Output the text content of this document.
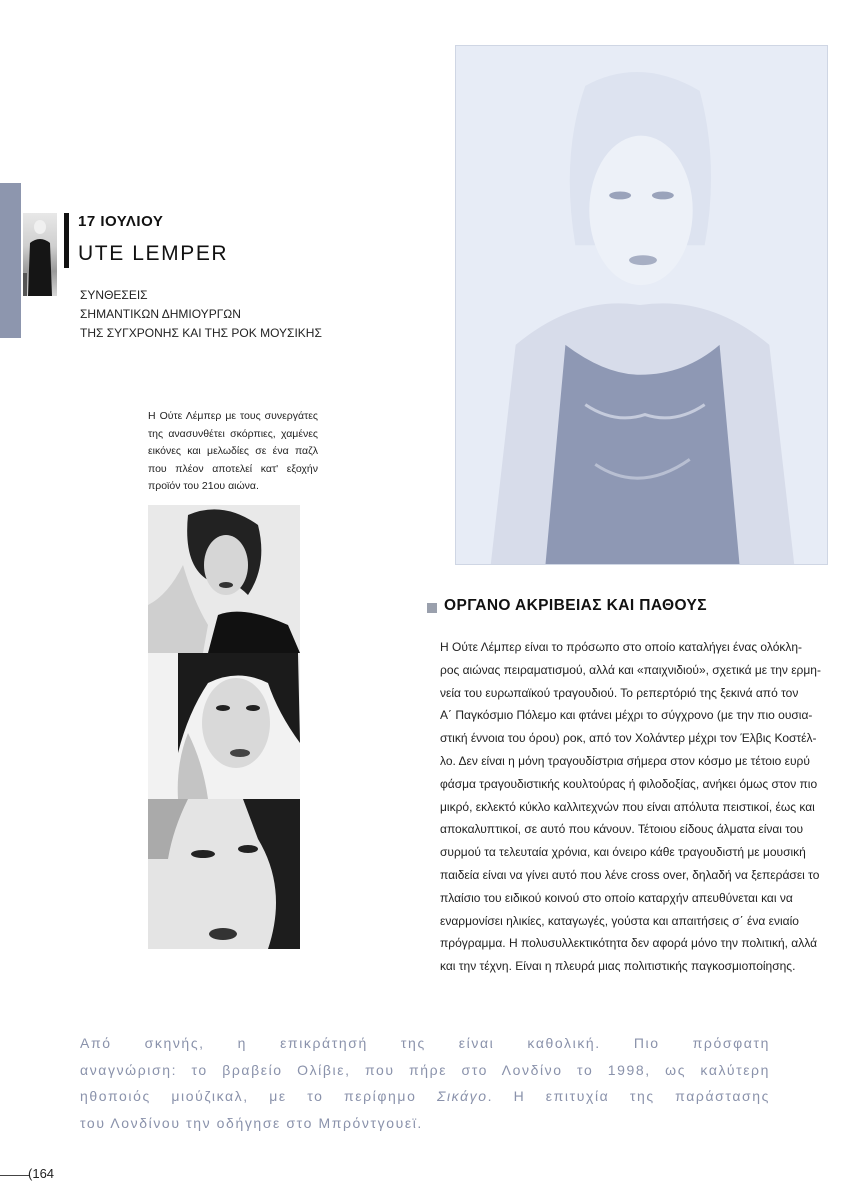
17 ΙΟΥΛΙΟΥ
UTE LEMPER
ΣΥΝΘΕΣΕΙΣ
ΣΗΜΑΝΤΙΚΩΝ ΔΗΜΙΟΥΡΓΩΝ
ΤΗΣ ΣΥΓΧΡΟΝΗΣ ΚΑΙ ΤΗΣ ΡΟΚ ΜΟΥΣΙΚΗΣ
Η Ούτε Λέμπερ με τους συνεργάτες της ανασυνθέτει σκόρπιες, χαμένες εικόνες και μελωδίες σε ένα παζλ που πλέον αποτελεί κατ' εξοχήν προϊόν του 21ου αιώνα.
ΟΡΓΑΝΟ ΑΚΡΙΒΕΙΑΣ ΚΑΙ ΠΑΘΟΥΣ
Η Ούτε Λέμπερ είναι το πρόσωπο στο οποίο καταλήγει ένας ολόκλη-
ρος αιώνας πειραματισμού, αλλά και «παιχνιδιού», σχετικά με την ερμη-
νεία του ευρωπαϊκού τραγουδιού. Το ρεπερτόριό της ξεκινά από τον
Α΄ Παγκόσμιο Πόλεμο και φτάνει μέχρι το σύγχρονο (με την πιο ουσια-
στική έννοια του όρου) ροκ, από τον Χολάντερ μέχρι τον Έλβις Κοστέλ-
λο. Δεν είναι η μόνη τραγουδίστρια σήμερα στον κόσμο με τέτοιο ευρύ
φάσμα τραγουδιστικής κουλτούρας ή φιλοδοξίας, ανήκει όμως στον πιο
μικρό, εκλεκτό κύκλο καλλιτεχνών που είναι απόλυτα πειστικοί, έως και
αποκαλυπτικοί, σε αυτό που κάνουν. Τέτοιου είδους άλματα είναι του
συρμού τα τελευταία χρόνια, και όνειρο κάθε τραγουδιστή με μουσική
παιδεία είναι να γίνει αυτό που λένε cross over, δηλαδή να ξεπεράσει το
πλαίσιο του ειδικού κοινού στο οποίο καταρχήν απευθύνεται και να
εναρμονίσει ηλικίες, καταγωγές, γούστα και απαιτήσεις σ΄ ένα ενιαίο
πρόγραμμα. Η πολυσυλλεκτικότητα δεν αφορά μόνο την πολιτική, αλλά
και την τέχνη. Είναι η πλευρά μιας πολιτιστικής παγκοσμιοποίησης.
Από σκηνής, η επικράτησή της είναι καθολική. Πιο πρόσφατη
αναγνώριση: το βραβείο Ολίβιε, που πήρε στο Λονδίνο το 1998, ως καλύτερη
ηθοποιός μιούζικαλ, με το περίφημο Σικάγο. Η επιτυχία της παράστασης
του Λονδίνου την οδήγησε στο Μπρόντγουεϊ.
(164
